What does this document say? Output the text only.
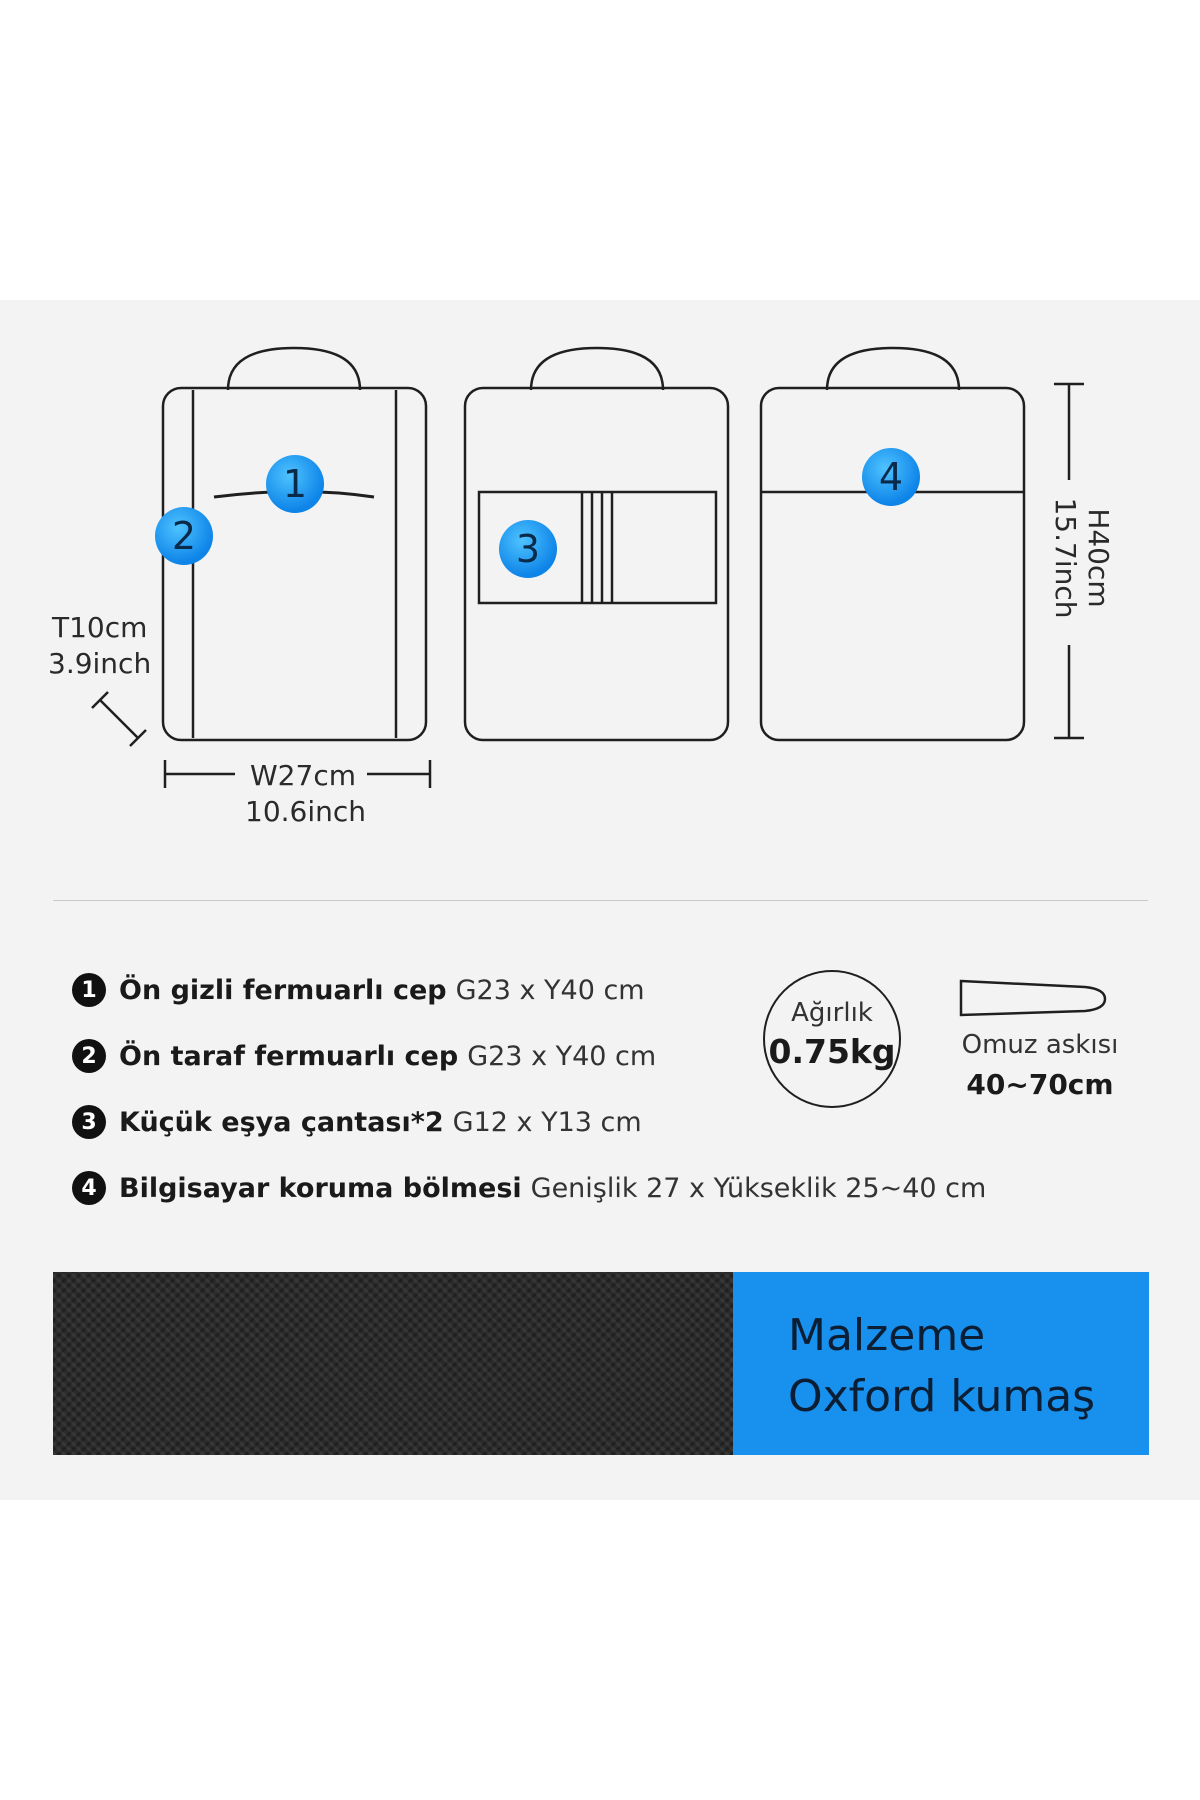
1
2	3
4
T10cm
3.9inch
W27cm
10.6inch
H40cm
15.7inch
1 Ön gizli fermuarlı cep G23 x Y40 cm
2 Ön taraf fermuarlı cep G23 x Y40 cm
3 Küçük eşya çantası*2 G12 x Y13 cm
4 Bilgisayar koruma bölmesi Genişlik 27 x Yükseklik 25~40 cm
Ağırlık
0.75kg	Omuz askısı
40~70cm
Malzeme
Oxford kumaş
